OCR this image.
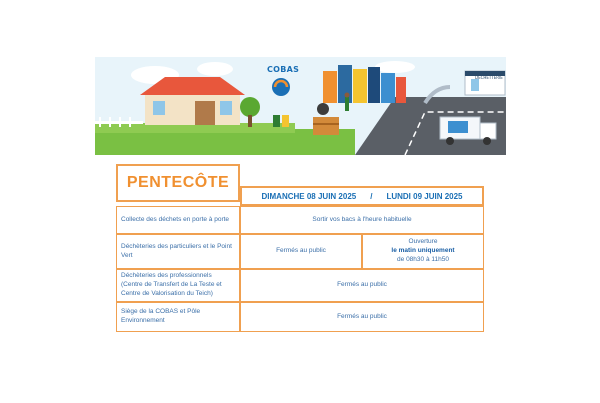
COBAS
DÉCHETTERIE
PENTECÔTE
DIMANCHE 08 JUIN 2025 / LUNDI 09 JUIN 2025
Collecte des déchets en porte à porte	Sortir vos bacs à l'heure habituelle
Déchèteries des particuliers et le Point Vert
Fermés au public
Ouverture
le matin uniquement
de 08h30 à 11h50
Déchèteries des professionnels (Centre de Transfert de La Teste et Centre de Valorisation du Teich)
Fermés au public
Siège de la COBAS et Pôle Environnement
Fermés au public
